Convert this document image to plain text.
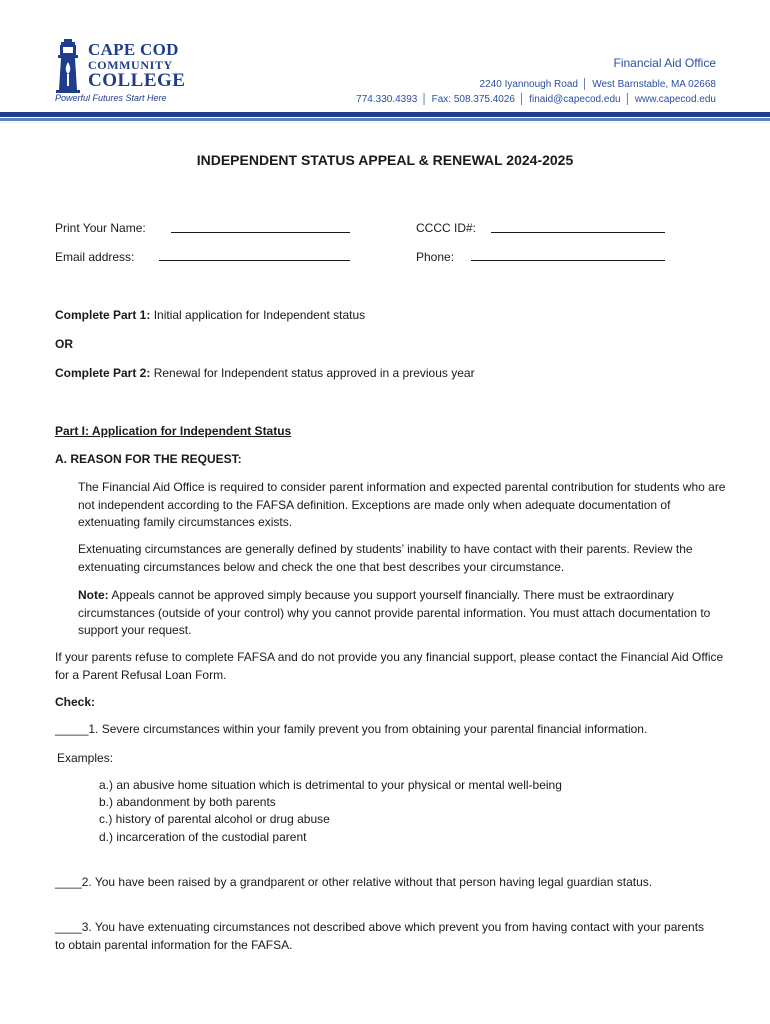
CAPE COD
COMMUNITY
COLLEGE
Powerful Futures Start Here
Financial Aid Office
2240 Iyannough Road │ West Barnstable, MA 02668
774.330.4393 │ Fax: 508.375.4026 │ finaid@capecod.edu │ www.capecod.edu
INDEPENDENT STATUS APPEAL & RENEWAL 2024-2025
Print Your Name:	CCCC ID#:
Email address:	Phone:
Complete Part 1: Initial application for Independent status
OR
Complete Part 2: Renewal for Independent status approved in a previous year
Part I: Application for Independent Status
A. REASON FOR THE REQUEST:
The Financial Aid Office is required to consider parent information and expected parental contribution for students who are not independent according to the FAFSA definition. Exceptions are made only when adequate documentation of extenuating family circumstances exists.
Extenuating circumstances are generally defined by students’ inability to have contact with their parents. Review the extenuating circumstances below and check the one that best describes your circumstance.
Note: Appeals cannot be approved simply because you support yourself financially. There must be extraordinary circumstances (outside of your control) why you cannot provide parental information. You must attach documentation to support your request.
If your parents refuse to complete FAFSA and do not provide you any financial support, please contact the Financial Aid Office for a Parent Refusal Loan Form.
Check:
_____1. Severe circumstances within your family prevent you from obtaining your parental financial information.
Examples:
a.) an abusive home situation which is detrimental to your physical or mental well-being
b.) abandonment by both parents
c.) history of parental alcohol or drug abuse
d.) incarceration of the custodial parent
____2. You have been raised by a grandparent or other relative without that person having legal guardian status.
____3. You have extenuating circumstances not described above which prevent you from having contact with your parents to obtain parental information for the FAFSA.
